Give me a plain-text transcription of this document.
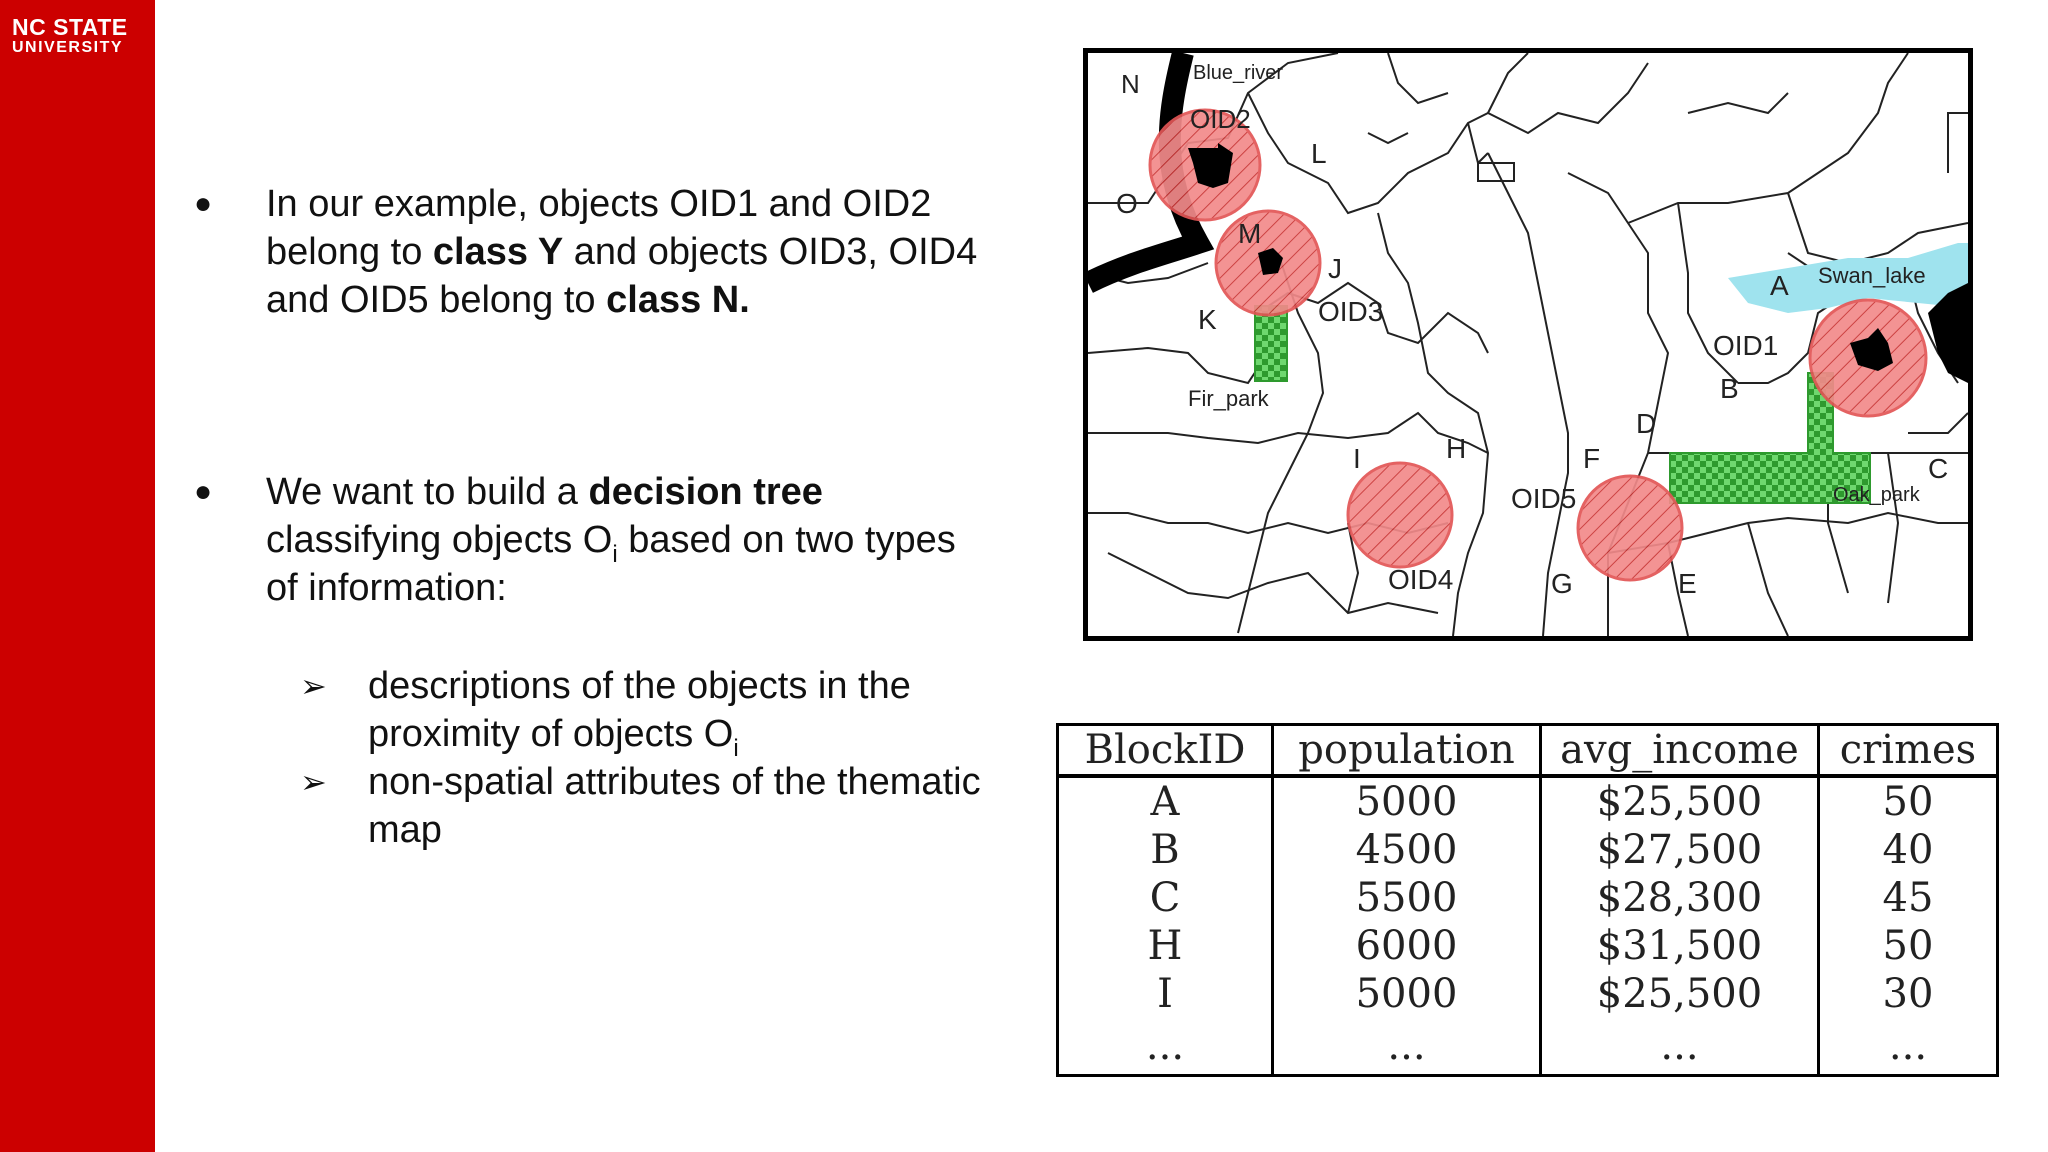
NC STATE
UNIVERSITY
● In our example, objects OID1 and OID2 belong to class Y and objects OID3, OID4 and OID5 belong to class N.
● We want to build a decision tree classifying objects $O_i$ based on two types of information:
➢ descriptions of the objects in the proximity of objects $O_i$
➢ non-spatial attributes of the thematic map
Blue_river
N
OID2
L
O
M
J
K	OID3
Fir_park
A Swan_lake
OID1
B
D
I	H	F
OID5
C
Oak_park
OID4	G	E
BlockID	population	avg_income	crimes
A	5000	$25,500	50
B	4500	$27,500	40
C	5500	$28,300	45
H	6000	$31,500	50
I	5000	$25,500	30
...	...	...	...
